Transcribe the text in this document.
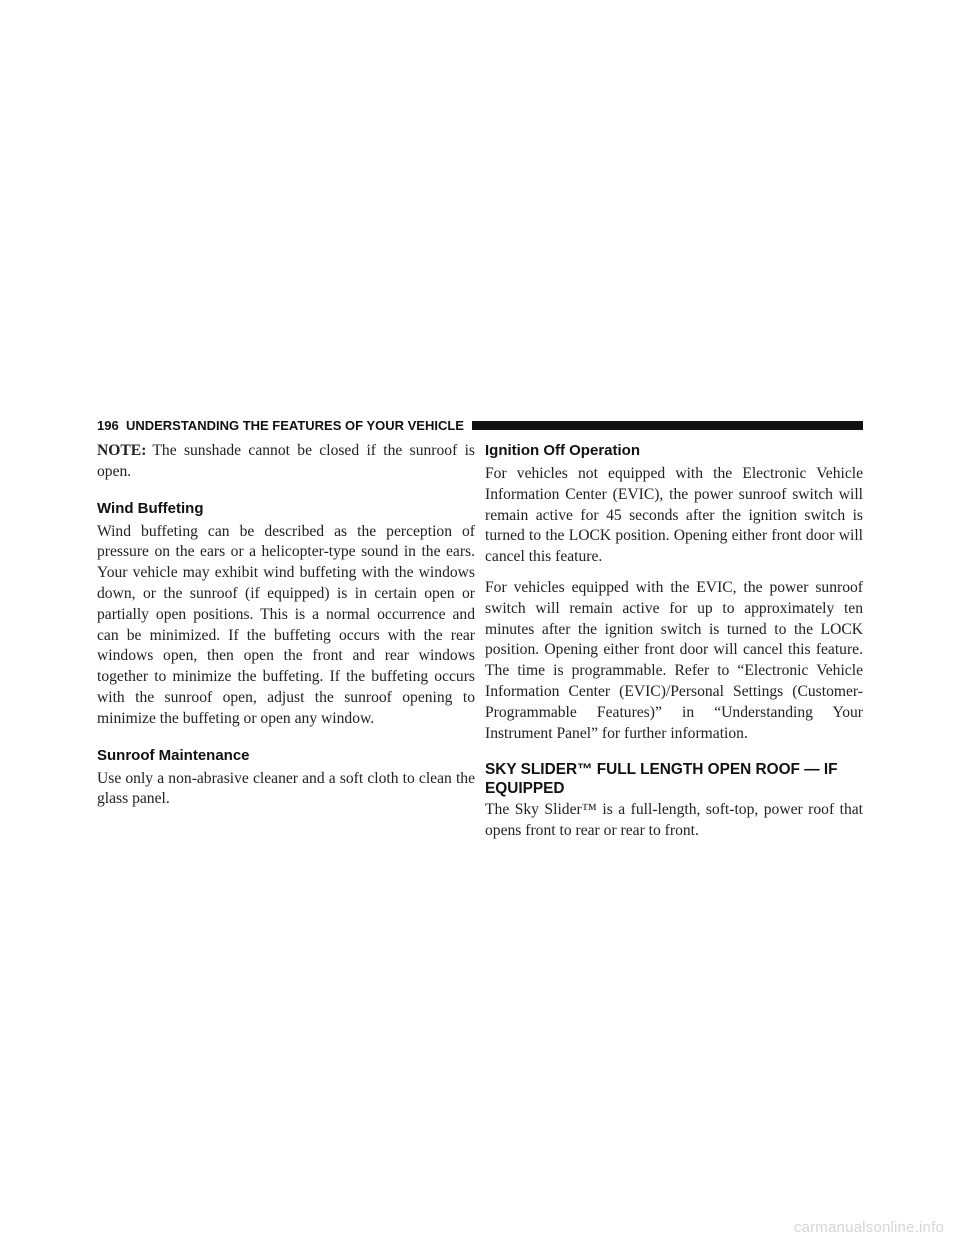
196 UNDERSTANDING THE FEATURES OF YOUR VEHICLE

NOTE: The sunshade cannot be closed if the sunroof is open.

Wind Buffeting

Wind buffeting can be described as the perception of pressure on the ears or a helicopter-type sound in the ears. Your vehicle may exhibit wind buffeting with the windows down, or the sunroof (if equipped) is in certain open or partially open positions. This is a normal occurrence and can be minimized. If the buffeting occurs with the rear windows open, then open the front and rear windows together to minimize the buffeting. If the buffeting occurs with the sunroof open, adjust the sunroof opening to minimize the buffeting or open any window.

Sunroof Maintenance

Use only a non-abrasive cleaner and a soft cloth to clean the glass panel.

Ignition Off Operation

For vehicles not equipped with the Electronic Vehicle Information Center (EVIC), the power sunroof switch will remain active for 45 seconds after the ignition switch is turned to the LOCK position. Opening either front door will cancel this feature.

For vehicles equipped with the EVIC, the power sunroof switch will remain active for up to approximately ten minutes after the ignition switch is turned to the LOCK position. Opening either front door will cancel this feature. The time is programmable. Refer to “Electronic Vehicle Information Center (EVIC)/Personal Settings (Customer-Programmable Features)” in “Understanding Your Instrument Panel” for further information.

SKY SLIDER™ FULL LENGTH OPEN ROOF — IF EQUIPPED

The Sky Slider™ is a full-length, soft-top, power roof that opens front to rear or rear to front.

carmanualsonline.info
